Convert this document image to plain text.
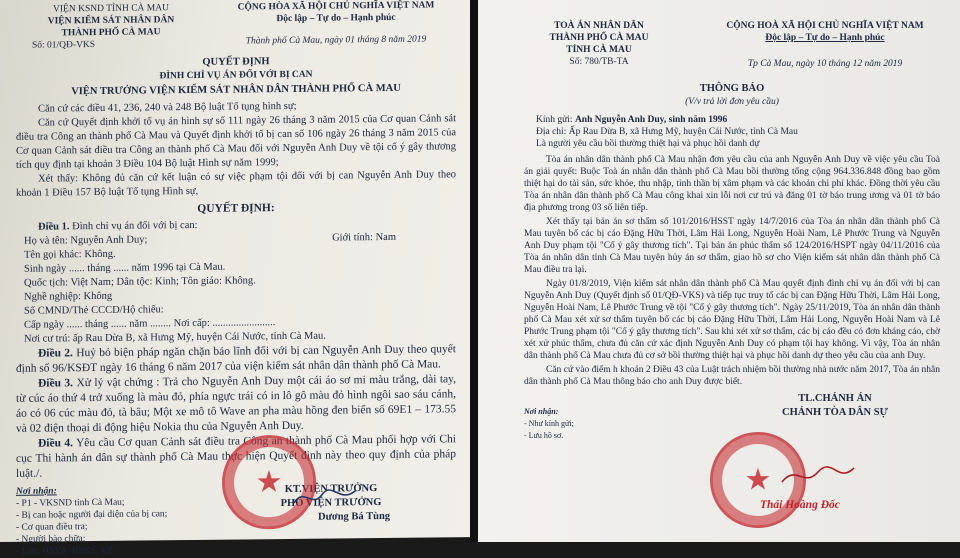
VIỆN KSND TỈNH CÀ MAU
VIỆN KIỂM SÁT NHÂN DÂN
THÀNH PHỐ CÀ MAU
Số: 01/QĐ-VKS
CỘNG HÒA XÃ HỘI CHỦ NGHĨA VIỆT NAM
Độc lập – Tự do – Hạnh phúc
Thành phố Cà Mau, ngày 01 tháng 8 năm 2019
QUYẾT ĐỊNH
ĐÌNH CHỈ VỤ ÁN ĐỐI VỚI BỊ CAN
VIỆN TRƯỞNG VIỆN KIỂM SÁT NHÂN DÂN THÀNH PHỐ CÀ MAU

Căn cứ các điều 41, 236, 240 và 248 Bộ luật Tố tụng hình sự;

Căn cứ Quyết định khởi tố vụ án hình sự số 111 ngày 26 tháng 3 năm 2015 của Cơ quan Cảnh sát điều tra Công an thành phố Cà Mau và Quyết định khởi tố bị can số 106 ngày 26 tháng 3 năm 2015 của Cơ quan Cảnh sát điều tra Công an thành phố Cà Mau đối với Nguyễn Anh Duy về tội cố ý gây thương tích quy định tại khoản 3 Điều 104 Bộ luật Hình sự năm 1999;

Xét thấy: Không đủ căn cứ kết luận có sự việc phạm tội đối với bị can Nguyễn Anh Duy theo khoản 1 Điều 157 Bộ luật Tố tụng Hình sự,

QUYẾT ĐỊNH:

Điều 1. Đình chỉ vụ án đối với bị can:

Họ và tên: Nguyễn Anh Duy;	Giới tính: Nam

Tên gọi khác: Không.

Sinh ngày ...... tháng ...... năm 1996 tại Cà Mau.

Quốc tịch: Việt Nam; Dân tộc: Kinh; Tôn giáo: Không.

Nghề nghiệp: Không

Số CMND/Thẻ CCCD/Hộ chiếu:

Cấp ngày ...... tháng ...... năm ........ Nơi cấp: ........................

Nơi cư trú: ấp Rau Dừa B, xã Hưng Mỹ, huyện Cái Nước, tỉnh Cà Mau.

Điều 2. Huỷ bỏ biện pháp ngăn chặn bảo lĩnh đối với bị can Nguyễn Anh Duy theo quyết định số 96/KSĐT ngày 16 tháng 6 năm 2017 của viện kiểm sát nhân dân thành phố Cà Mau.

Điều 3. Xử lý vật chứng : Trả cho Nguyễn Anh Duy một cái áo sơ mi màu trắng, dài tay, từ cúc áo thứ 4 trở xuống là màu đỏ, phía ngực trái có in lô gô màu đỏ hình ngôi sao sáu cánh, áo có 06 cúc màu đỏ, tà bâu; Một xe mô tô Wave an pha màu hồng đen biển số 69E1 – 173.55 và 02 điện thoại di động hiệu Nokia thu của Nguyễn Anh Duy.

Điều 4. Yêu cầu Cơ quan Cảnh sát điều tra Công an thành phố Cà Mau phối hợp với Chi cục Thi hành án dân sự thành phố Cà Mau thực hiện Quyết định này theo quy định của pháp luật./.

Nơi nhận:
- P1 - VKSND tỉnh Cà Mau;
- Bị can hoặc người đại diện của bị can;
- Cơ quan điều tra;
- Người bào chữa;
- Lưu: HSVA, HSKS, VP.
KT.VIỆN TRƯỞNG
PHÓ VIỆN TRƯỞNG
★
Dương Bá Tùng
TOÀ ÁN NHÂN DÂN
THÀNH PHỐ CÀ MAU
TỈNH CÀ MAU
Số: 780/TB-TA
CỘNG HOÀ XÃ HỘI CHỦ NGHĨA VIỆT NAM
Độc lập – Tự do – Hạnh phúc
Tp Cà Mau, ngày 10 tháng 12 năm 2019
THÔNG BÁO
(V/v trả lời đơn yêu cầu)
Kính gửi: Anh Nguyễn Anh Duy, sinh năm 1996
Địa chỉ: Ấp Rau Dừa B, xã Hưng Mỹ, huyện Cái Nước, tỉnh Cà Mau
Là người yêu cầu bồi thường thiệt hại và phục hồi danh dự

Tòa án nhân dân thành phố Cà Mau nhận đơn yêu cầu của anh Nguyễn Anh Duy về việc yêu cầu Toà án giải quyết: Buộc Toà án nhân dân thành phố Cà Mau bồi thường tổng cộng 964.336.848 đồng bao gồm thiệt hại do tài sản, sức khỏe, thu nhập, tinh thần bị xâm phạm và các khoản chi phí khác. Đồng thời yêu cầu Tòa án nhân dân thành phố Cà Mau công khai xin lỗi nơi cư trú và đăng 01 tờ báo trung ương và 01 tờ báo địa phương trong 03 số liên tiếp.

Xét thấy tại bản án sơ thẩm số 101/2016/HSST ngày 14/7/2016 của Tòa án nhân dân thành phố Cà Mau tuyên bố các bị cáo Đặng Hữu Thời, Lâm Hải Long, Nguyễn Hoài Nam, Lê Phước Trung và Nguyễn Anh Duy phạm tội "Cố ý gây thương tích". Tại bản án phúc thẩm số 124/2016/HSPT ngày 04/11/2016 của Tòa án nhân dân tỉnh Cà Mau tuyên hủy án sơ thẩm, giao hồ sơ cho Viện kiểm sát nhân dân thành phố Cà Mau điều tra lại.

Ngày 01/8/2019, Viện kiểm sát nhân dân thành phố Cà Mau quyết định đình chỉ vụ án đối với bị can Nguyễn Anh Duy (Quyết định số 01/QĐ-VKS) và tiếp tục truy tố các bị can Đặng Hữu Thời, Lâm Hải Long, Nguyễn Hoài Nam, Lê Phước Trung về tội "Cố ý gây thương tích". Ngày 25/11/2019, Tòa án nhân dân thành phố Cà Mau xét xử sơ thẩm tuyên bố các bị cáo Đặng Hữu Thời, Lâm Hải Long, Nguyễn Hoài Nam và Lê Phước Trung phạm tội "Cố ý gây thương tích". Sau khi xét xử sơ thẩm, các bị cáo đều có đơn kháng cáo, chờ xét xử phúc thẩm, chưa đủ căn cứ xác định Nguyễn Anh Duy có phạm tội hay không. Vì vậy, Tòa án nhân dân thành phố Cà Mau chưa đủ cơ sở bồi thường thiệt hại và phục hồi danh dự theo yêu cầu của anh Duy.

Căn cứ vào điểm h khoản 2 Điều 43 của Luật trách nhiệm bồi thường nhà nước năm 2017, Tòa án nhân dân thành phố Cà Mau thông báo cho anh Duy được biết.

Nơi nhận:
- Như kính gửi;
- Lưu hồ sơ.
TL.CHÁNH ÁN
CHÁNH TÒA DÂN SỰ
★
Thái Hoàng Đốc
